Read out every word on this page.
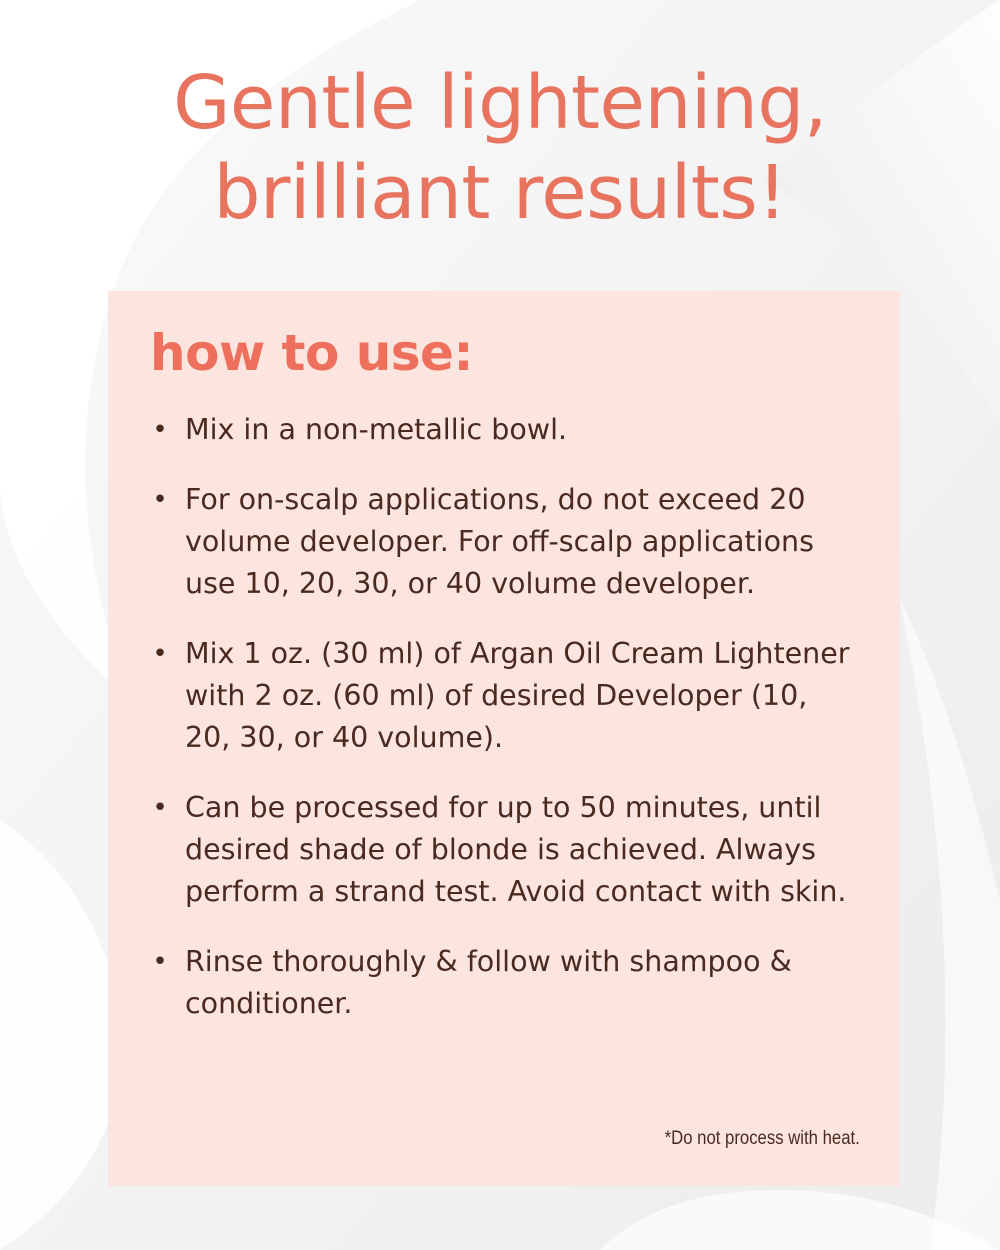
Gentle lightening,
brilliant results!
how to use:
• Mix in a non-metallic bowl.
• For on-scalp applications, do not exceed 20 volume developer. For off-scalp applications use 10, 20, 30, or 40 volume developer.
• Mix 1 oz. (30 ml) of Argan Oil Cream Lightener with 2 oz. (60 ml) of desired Developer (10, 20, 30, or 40 volume).
• Can be processed for up to 50 minutes, until desired shade of blonde is achieved. Always perform a strand test. Avoid contact with skin.
• Rinse thoroughly & follow with shampoo & conditioner.

*Do not process with heat.
